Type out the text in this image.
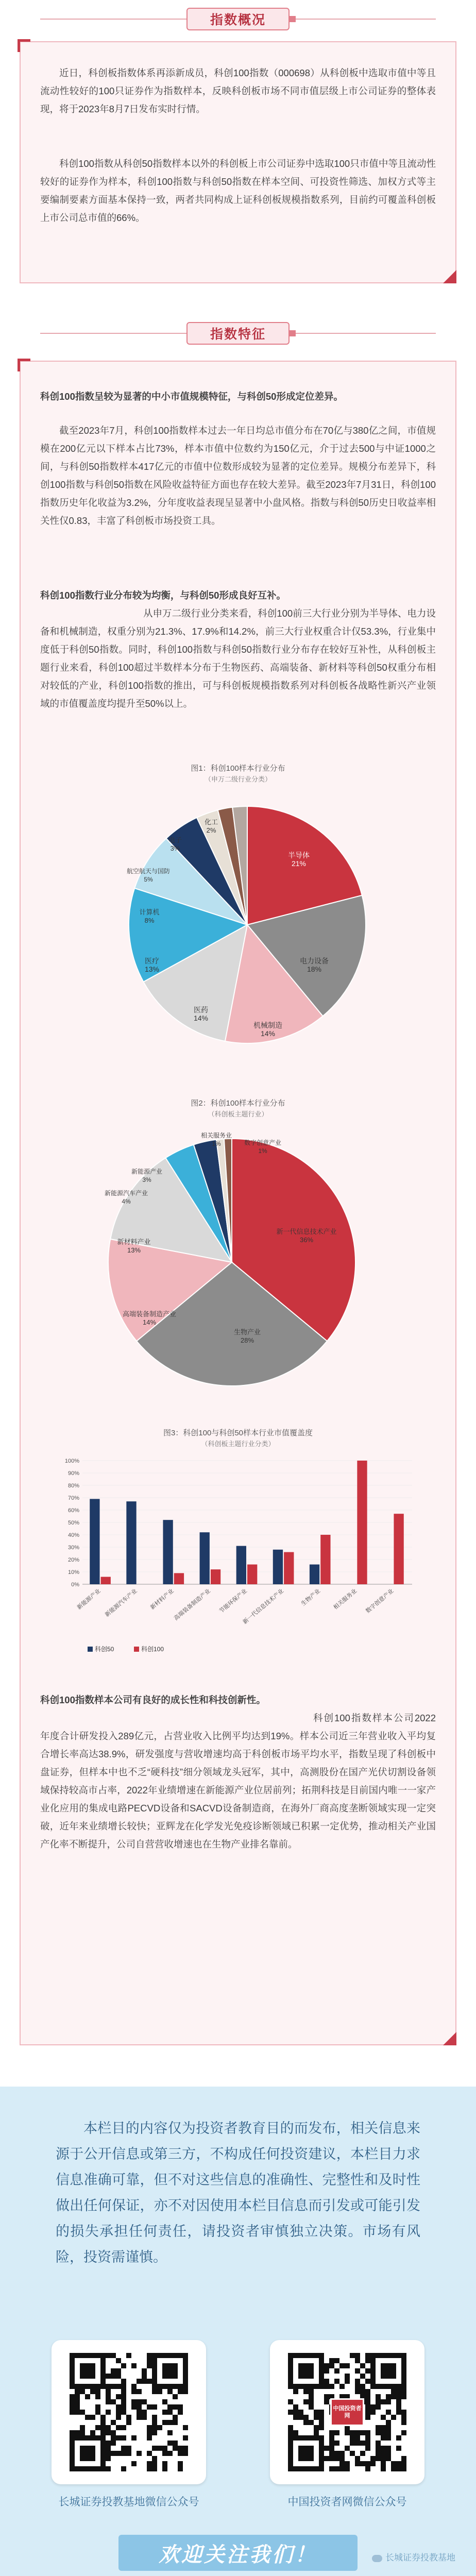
指数概况

近日，科创板指数体系再添新成员，科创100指数（000698）从科创板中选取市值中等且流动性较好的100只证券作为指数样本，反映科创板市场不同市值层级上市公司证券的整体表现，将于2023年8月7日发布实时行情。

科创100指数从科创50指数样本以外的科创板上市公司证券中选取100只市值中等且流动性较好的证券作为样本，科创100指数与科创50指数在样本空间、可投资性筛选、加权方式等主要编制要素方面基本保持一致，两者共同构成上证科创板规模指数系列，目前约可覆盖科创板上市公司总市值的66%。

指数特征

科创100指数呈较为显著的中小市值规模特征，与科创50形成定位差异。

截至2023年7月，科创100指数样本过去一年日均总市值分布在70亿与380亿之间，市值规模在200亿元以下样本占比73%，样本市值中位数约为150亿元，介于过去500与中证1000之间，与科创50指数样本417亿元的市值中位数形成较为显著的定位差异。规模分布差异下，科创100指数与科创50指数在风险收益特征方面也存在较大差异。截至2023年7月31日，科创100指数历史年化收益为3.2%，分年度收益表现呈显著中小盘风格。指数与科创50历史日收益率相关性仅0.83，丰富了科创板市场投资工具。

科创100指数行业分布较为均衡，与科创50形成良好互补。

从申万二级行业分类来看，科创100前三大行业分别为半导体、电力设备和机械制造，权重分别为21.3%、17.9%和14.2%，前三大行业权重合计仅53.3%，行业集中度低于科创50指数。同时，科创100指数与科创50指数行业分布存在较好互补性，从科创板主题行业来看，科创100超过半数样本分布于生物医药、高端装备、新材料等科创50权重分布相对较低的产业，科创100指数的推出，可与科创板规模指数系列对科创板各战略性新兴产业领域的市值覆盖度均提升至50%以上。

图1：科创100样本行业分布
（申万二级行业分类）
半导体 21%
电力设备 18%
机械制造 14%
医药 14%
医疗 13%
计算机 8%
航空航天与国防 5%
电子 3%
化工 2%
图2：科创100样本行业分布
（科创板主题行业）
新一代信息技术产业 36%
生物产业 28%
高端装备制造产业 14%
新材料产业 13%
新能源汽车产业 4%
新能源产业 3%
相关服务业 1%	数字创意产业 1%
图3：科创100与科创50样本行业市值覆盖度
（科创板主题行业分类）
0%
10%
20%
30%
40%
50%
60%
70%
80%
90%
100%
新能源产业 新能源汽车产业 新材料产业
高端装备制造产业 节能环保产业
新一代信息技术产业	生物产业 相关服务业 数字创意产业
科创50	科创100

科创100指数样本公司有良好的成长性和科技创新性。

科创100指数样本公司2022年度合计研发投入289亿元，占营业收入比例平均达到19%。样本公司近三年营业收入平均复合增长率高达38.9%，研发强度与营收增速均高于科创板市场平均水平，指数呈现了科创板中盘证券，但样本中也不乏“硬科技”细分领域龙头冠军，其中，高测股份在国产光伏切割设备领域保持较高市占率，2022年业绩增速在新能源产业位居前列；拓荆科技是目前国内唯一一家产业化应用的集成电路PECVD设备和SACVD设备制造商，在海外厂商高度垄断领域实现一定突破，近年来业绩增长较快；亚辉龙在化学发光免疫诊断领域已积累一定优势，推动相关产业国产化率不断提升，公司自营营收增速也在生物产业排名靠前。

本栏目的内容仅为投资者教育目的而发布，相关信息来源于公开信息或第三方，不构成任何投资建议，本栏目力求信息准确可靠，但不对这些信息的准确性、完整性和及时性做出任何保证，亦不对因使用本栏目信息而引发或可能引发的损失承担任何责任，请投资者审慎独立决策。市场有风险，投资需谨慎。

中国投资者网
长城证券投教基地微信公众号	中国投资者网微信公众号
欢迎关注我们！	长城证券投教基地
